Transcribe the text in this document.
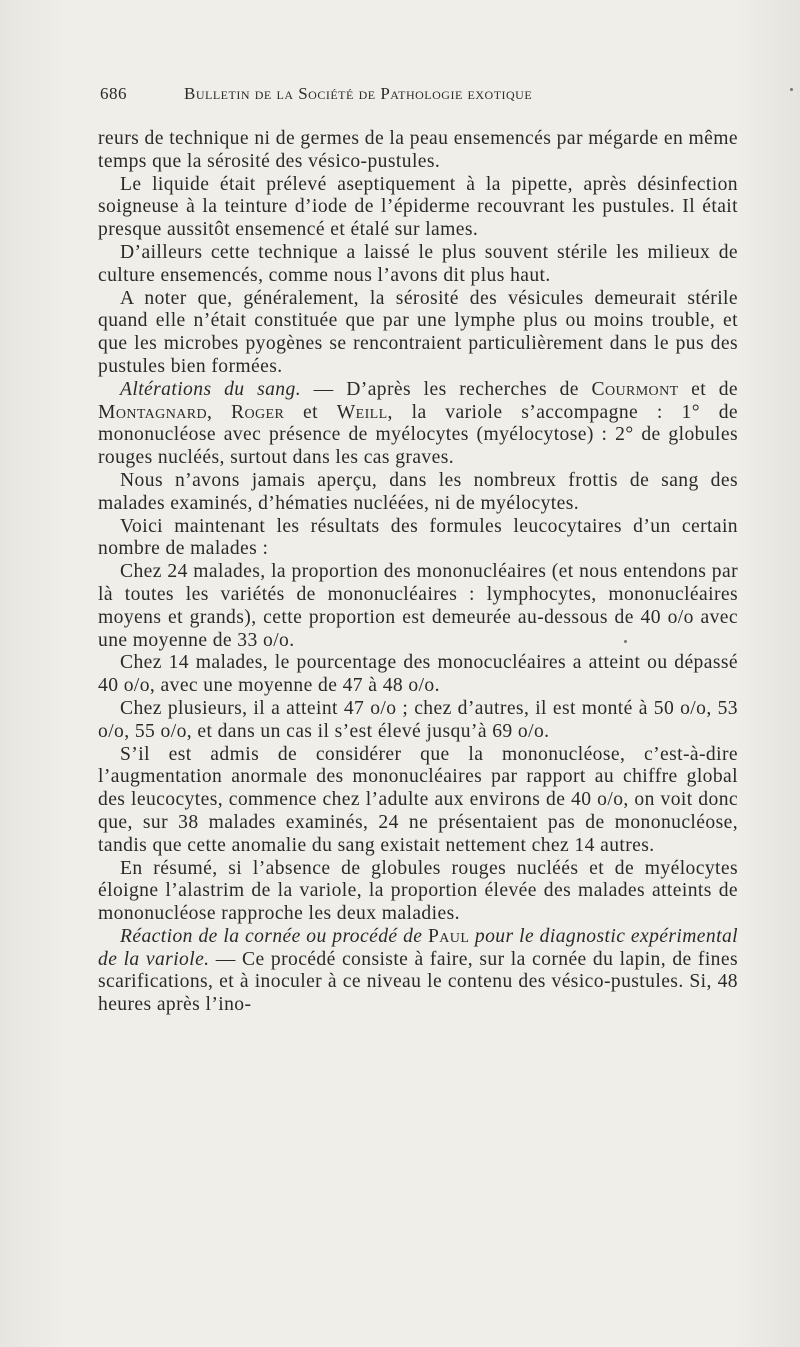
686	Bulletin de la Société de Pathologie exotique

reurs de technique ni de germes de la peau ensemencés par mégarde en même temps que la sérosité des vésico-pustules.

Le liquide était prélevé aseptiquement à la pipette, après désinfection soigneuse à la teinture d’iode de l’épiderme recouvrant les pustules. Il était presque aussitôt ensemencé et étalé sur lames.

D’ailleurs cette technique a laissé le plus souvent stérile les milieux de culture ensemencés, comme nous l’avons dit plus haut.

A noter que, généralement, la sérosité des vésicules demeurait stérile quand elle n’était constituée que par une lymphe plus ou moins trouble, et que les microbes pyogènes se rencontraient particulièrement dans le pus des pustules bien formées.

Altérations du sang. — D’après les recherches de Courmont et de Montagnard, Roger et Weill, la variole s’accompagne : 1° de mononucléose avec présence de myélocytes (myélocytose) : 2° de globules rouges nucléés, surtout dans les cas graves.

Nous n’avons jamais aperçu, dans les nombreux frottis de sang des malades examinés, d’hématies nucléées, ni de myélocytes.

Voici maintenant les résultats des formules leucocytaires d’un certain nombre de malades :

Chez 24 malades, la proportion des mononucléaires (et nous entendons par là toutes les variétés de mononucléaires : lymphocytes, mononucléaires moyens et grands), cette proportion est demeurée au-dessous de 40 o/o avec une moyenne de 33 o/o.

Chez 14 malades, le pourcentage des monocucléaires a atteint ou dépassé 40 o/o, avec une moyenne de 47 à 48 o/o.

Chez plusieurs, il a atteint 47 o/o ; chez d’autres, il est monté à 50 o/o, 53 o/o, 55 o/o, et dans un cas il s’est élevé jusqu’à 69 o/o.

S’il est admis de considérer que la mononucléose, c’est-à-dire l’augmentation anormale des mononucléaires par rapport au chiffre global des leucocytes, commence chez l’adulte aux environs de 40 o/o, on voit donc que, sur 38 malades examinés, 24 ne présentaient pas de mononucléose, tandis que cette anomalie du sang existait nettement chez 14 autres.

En résumé, si l’absence de globules rouges nucléés et de myélocytes éloigne l’alastrim de la variole, la proportion élevée des malades atteints de mononucléose rapproche les deux maladies.

Réaction de la cornée ou procédé de Paul pour le diagnostic expérimental de la variole. — Ce procédé consiste à faire, sur la cornée du lapin, de fines scarifications, et à inoculer à ce niveau le contenu des vésico-pustules. Si, 48 heures après l’ino-
